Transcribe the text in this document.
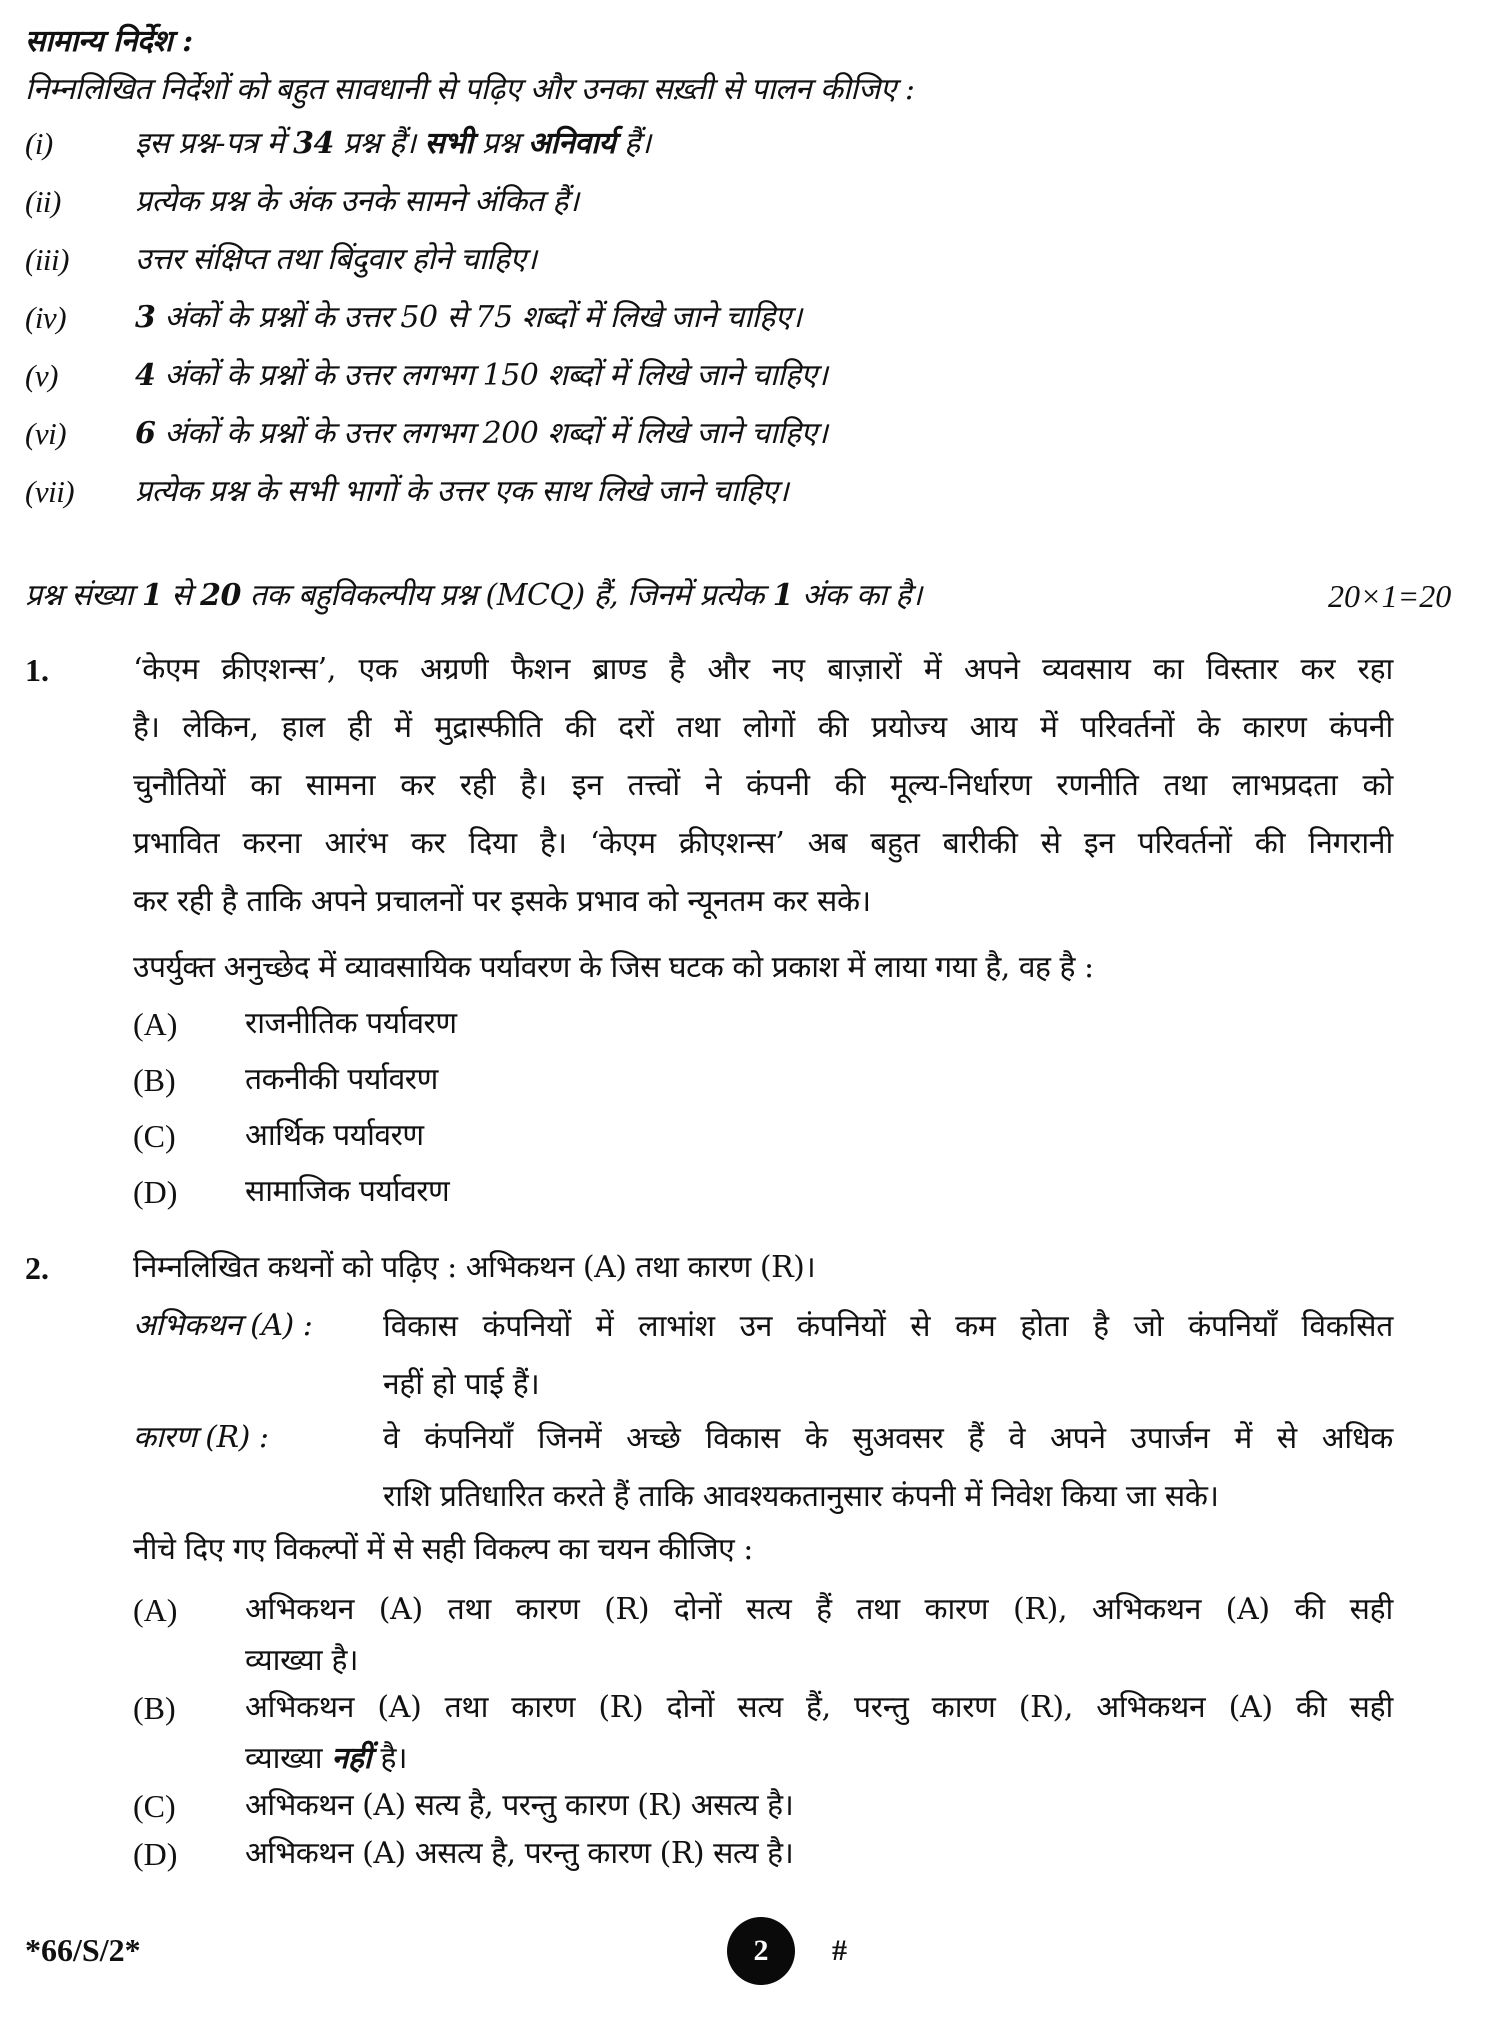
सामान्य निर्देश :
निम्नलिखित निर्देशों को बहुत सावधानी से पढ़िए और उनका सख़्ती से पालन कीजिए :
(i)	इस प्रश्न-पत्र में 34 प्रश्न हैं। सभी प्रश्न अनिवार्य हैं।
(ii) प्रत्येक प्रश्न के अंक उनके सामने अंकित हैं।
(iii) उत्तर संक्षिप्त तथा बिंदुवार होने चाहिए।
(iv) 3 अंकों के प्रश्नों के उत्तर 50 से 75 शब्दों में लिखे जाने चाहिए।
(v)	4 अंकों के प्रश्नों के उत्तर लगभग 150 शब्दों में लिखे जाने चाहिए।
(vi) 6 अंकों के प्रश्नों के उत्तर लगभग 200 शब्दों में लिखे जाने चाहिए।
(vii) प्रत्येक प्रश्न के सभी भागों के उत्तर एक साथ लिखे जाने चाहिए।
प्रश्न संख्या 1 से 20 तक बहुविकल्पीय प्रश्न (MCQ) हैं, जिनमें प्रत्येक 1 अंक का है।	20×1=20
1.	‘केएम क्रीएशन्स’, एक अग्रणी फैशन ब्राण्ड है और नए बाज़ारों में अपने व्यवसाय का विस्तार कर रहा
है। लेकिन, हाल ही में मुद्रास्फीति की दरों तथा लोगों की प्रयोज्य आय में परिवर्तनों के कारण कंपनी
चुनौतियों का सामना कर रही है। इन तत्त्वों ने कंपनी की मूल्य-निर्धारण रणनीति तथा लाभप्रदता को
प्रभावित करना आरंभ कर दिया है। ‘केएम क्रीएशन्स’ अब बहुत बारीकी से इन परिवर्तनों की निगरानी
कर रही है ताकि अपने प्रचालनों पर इसके प्रभाव को न्यूनतम कर सके।
उपर्युक्त अनुच्छेद में व्यावसायिक पर्यावरण के जिस घटक को प्रकाश में लाया गया है, वह है :
(A) राजनीतिक पर्यावरण
(B) तकनीकी पर्यावरण
(C) आर्थिक पर्यावरण
(D) सामाजिक पर्यावरण
2.	निम्नलिखित कथनों को पढ़िए : अभिकथन (A) तथा कारण (R)।
अभिकथन (A) : विकास कंपनियों में लाभांश उन कंपनियों से कम होता है जो कंपनियाँ विकसित
नहीं हो पाई हैं।
कारण (R) :	वे कंपनियाँ जिनमें अच्छे विकास के सुअवसर हैं वे अपने उपार्जन में से अधिक
राशि प्रतिधारित करते हैं ताकि आवश्यकतानुसार कंपनी में निवेश किया जा सके।
नीचे दिए गए विकल्पों में से सही विकल्प का चयन कीजिए :
(A) अभिकथन (A) तथा कारण (R) दोनों सत्य हैं तथा कारण (R), अभिकथन (A) की सही
व्याख्या है।
(B) अभिकथन (A) तथा कारण (R) दोनों सत्य हैं, परन्तु कारण (R), अभिकथन (A) की सही
व्याख्या नहीं है।
(C) अभिकथन (A) सत्य है, परन्तु कारण (R) असत्य है।
(D) अभिकथन (A) असत्य है, परन्तु कारण (R) सत्य है।
*66/S/2*	2	#
